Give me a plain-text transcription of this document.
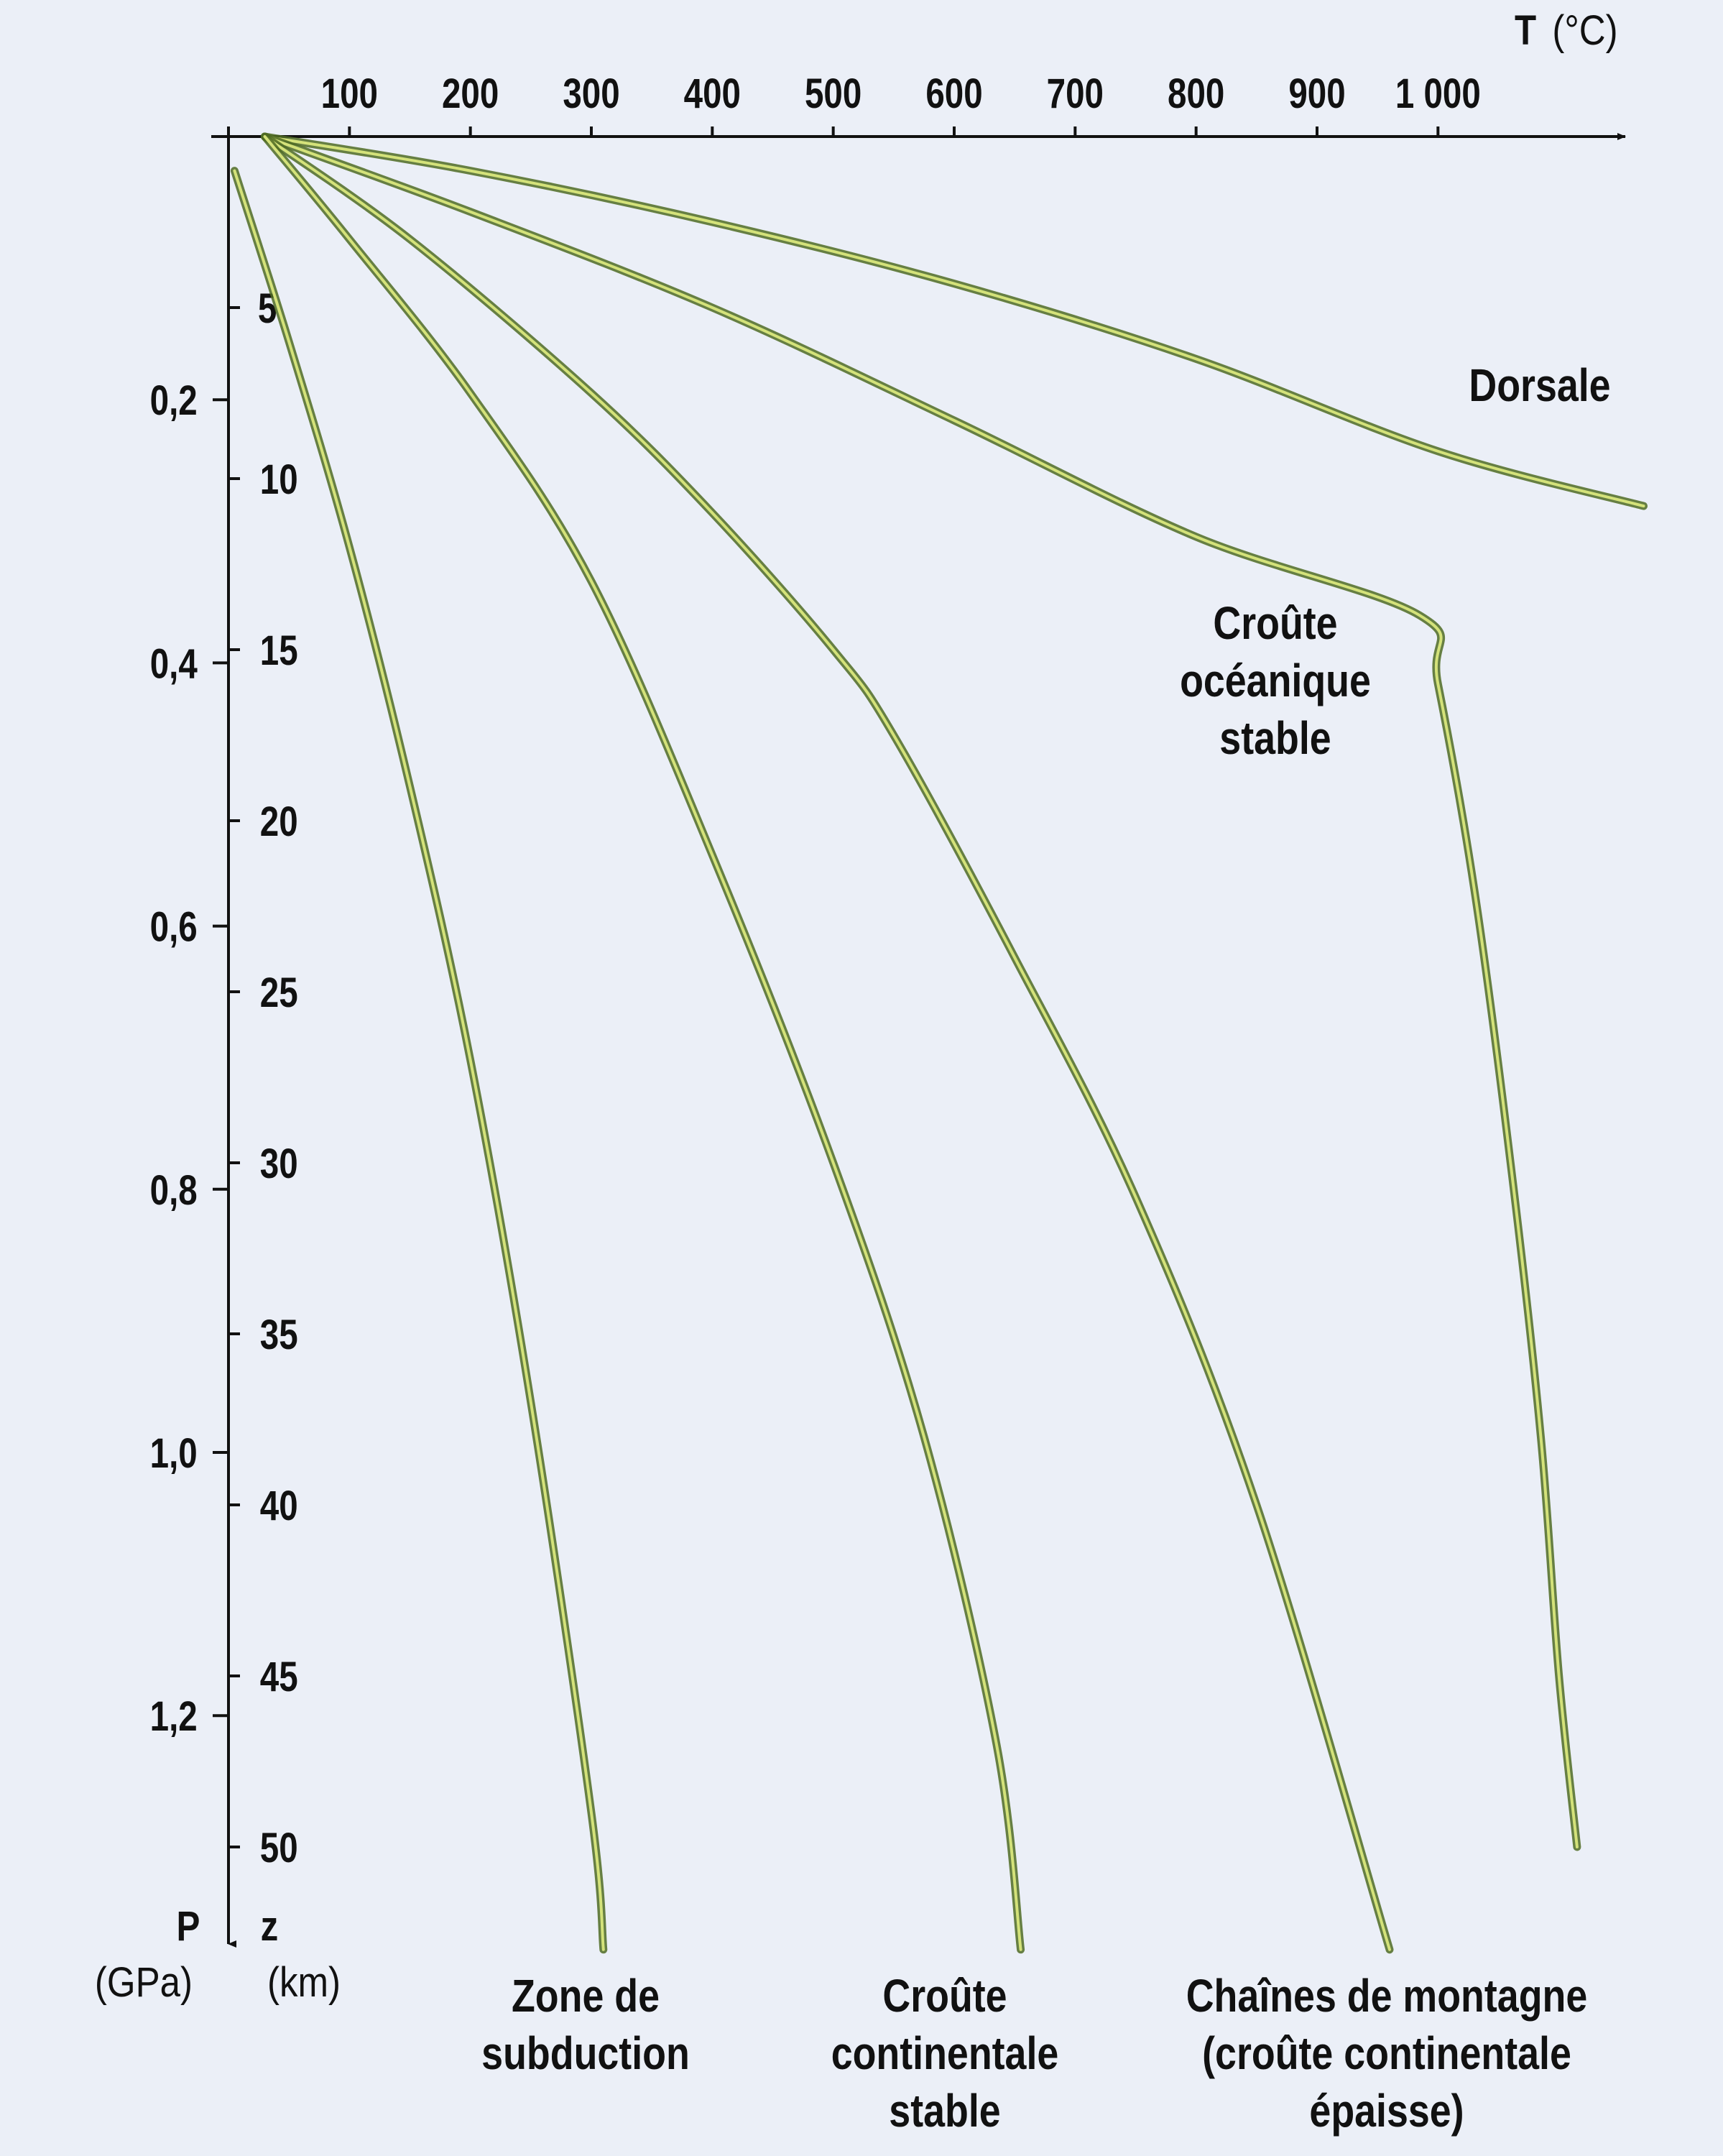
T (°C)
100 200 300 400 500 600 700 800 900 1 000
5
10
15
20
25
30
35
40
45
50
0,2
0,4
0,6
0,8
1,0
1,2
P
(GPa)
z
(km)
Dorsale
Croûte océanique stable
Chaînes de montagne (croûte continentale épaisse)
Croûte continentale stable
Zone de subduction
